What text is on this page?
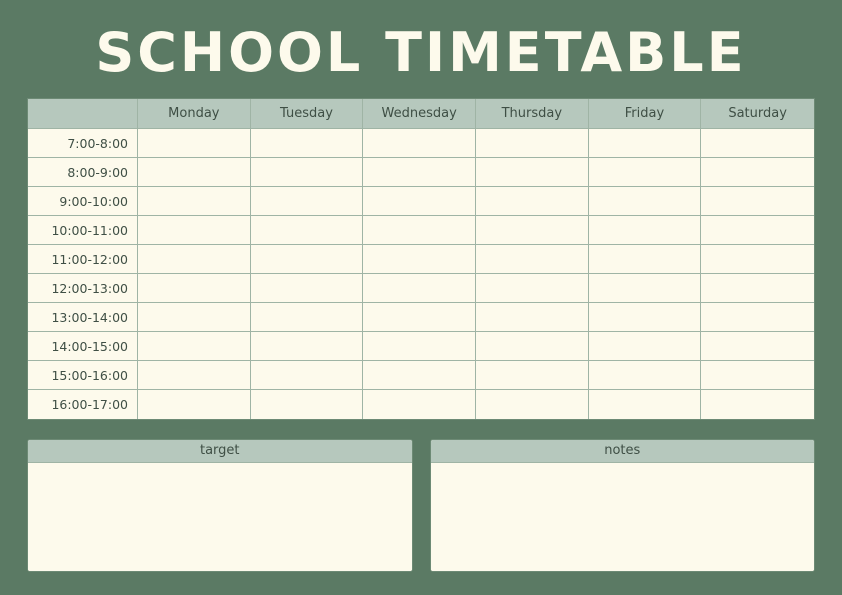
SCHOOL TIMETABLE
	Monday	Tuesday	Wednesday	Thursday	Friday	Saturday
7:00-8:00						
8:00-9:00						
9:00-10:00						
10:00-11:00						
11:00-12:00						
12:00-13:00						
13:00-14:00						
14:00-15:00						
15:00-16:00						
16:00-17:00						
target	notes
